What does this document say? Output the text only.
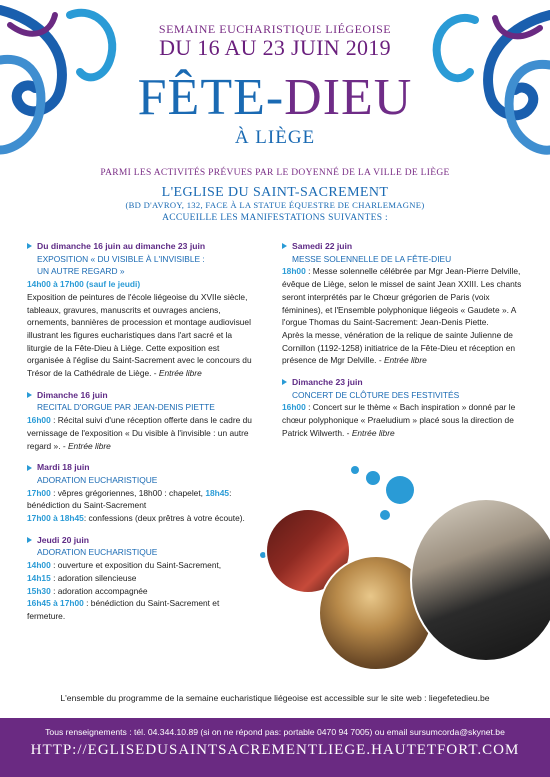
SEMAINE EUCHARISTIQUE LIÉGEOISE
DU 16 AU 23 JUIN 2019
FÊTE-DIEU
À LIÈGE
PARMI LES ACTIVITÉS PRÉVUES PAR LE DOYENNÉ DE LA VILLE DE LIÈGE
L'EGLISE DU SAINT-SACREMENT
(BD D'AVROY, 132, FACE À LA STATUE ÉQUESTRE DE CHARLEMAGNE)
ACCUEILLE LES MANIFESTATIONS SUIVANTES :
Du dimanche 16 juin au dimanche 23 juin
EXPOSITION « DU VISIBLE À L'INVISIBLE :
UN AUTRE REGARD »
14h00 à 17h00 (sauf le jeudi)
Exposition de peintures de l'école liégeoise du XVIIe siècle, tableaux, gravures, manuscrits et ouvrages anciens, ornements, bannières de procession et montage audiovisuel illustrant les figures eucharistiques dans l'art sacré et la liturgie de la Fête-Dieu à Liège. Cette exposition est organisée à l'église du Saint-Sacrement avec le concours du Trésor de la Cathédrale de Liège. - Entrée libre
Dimanche 16 juin
RECITAL D'ORGUE PAR JEAN-DENIS PIETTE
16h00 : Récital suivi d'une réception offerte dans le cadre du vernissage de l'exposition « Du visible à l'invisible : un autre regard ». - Entrée libre
Mardi 18 juin
ADORATION EUCHARISTIQUE
17h00 : vêpres grégoriennes, 18h00 : chapelet, 18h45: bénédiction du Saint-Sacrement
17h00 à 18h45: confessions (deux prêtres à votre écoute).
Jeudi 20 juin
ADORATION EUCHARISTIQUE
14h00 : ouverture et exposition du Saint-Sacrement,
14h15 : adoration silencieuse
15h30 : adoration accompagnée
16h45 à 17h00 : bénédiction du Saint-Sacrement et fermeture.
Samedi 22 juin
MESSE SOLENNELLE DE LA FÊTE-DIEU
18h00 : Messe solennelle célébrée par Mgr Jean-Pierre Delville, évêque de Liège, selon le missel de saint Jean XXIII. Les chants seront interprétés par le Chœur grégorien de Paris (voix féminines), et l'Ensemble polyphonique liégeois « Gaudete ». A l'orgue Thomas du Saint-Sacrement: Jean-Denis Piette.
Après la messe, vénération de la relique de sainte Julienne de Cornillon (1192-1258) initiatrice de la Fête-Dieu et réception en présence de Mgr Delville. - Entrée libre
Dimanche 23 juin
CONCERT DE CLÔTURE DES FESTIVITÉS
16h00 : Concert sur le thème « Bach inspiration » donné par le chœur polyphonique « Praeludium » placé sous la direction de Patrick Wilwerth. - Entrée libre
L'ensemble du programme de la semaine eucharistique liégeoise est accessible sur le site web : liegefetedieu.be
Tous renseignements : tél. 04.344.10.89 (si on ne répond pas: portable 0470 94 7005) ou email sursumcorda@skynet.be
HTTP://EGLISEDUSAINTSACREMENTLIEGE.HAUTETFORT.COM
